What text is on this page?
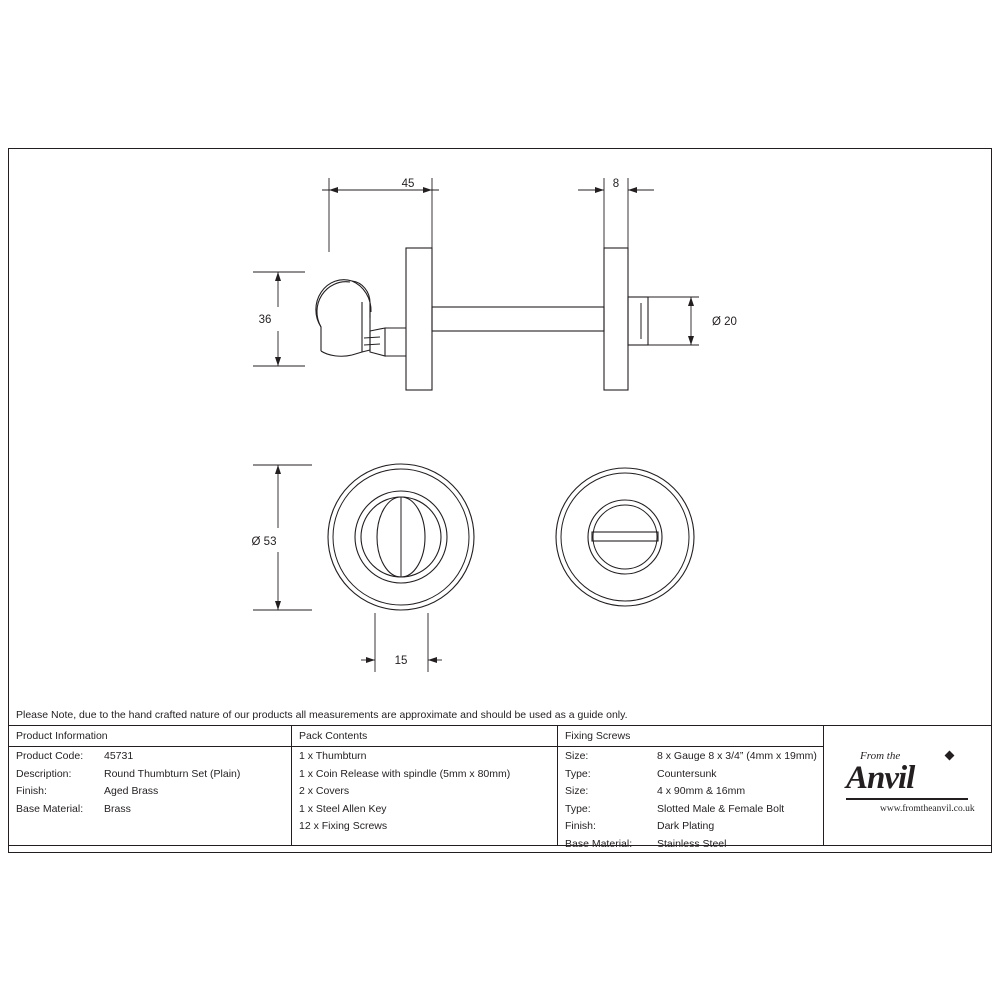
45	8
36	Ø 20
Ø 53
15
Please Note, due to the hand crafted nature of our products all measurements are approximate and should be used as a guide only.
Product Information
Product Code: 45731
Description:	Round Thumbturn Set (Plain)
Finish:	Aged Brass
Base Material: Brass
Pack Contents
1 x Thumbturn
1 x Coin Release with spindle (5mm x 80mm)
2 x Covers
1 x Steel Allen Key
12 x Fixing Screws
Fixing Screws
Size:	8 x Gauge 8 x 3/4” (4mm x 19mm)
Type:	Countersunk
Size:	4 x 90mm & 16mm
Type:	Slotted Male & Female Bolt
Finish:	Dark Plating
Base Material: Stainless Steel
From the
Anvil
www.fromtheanvil.co.uk
